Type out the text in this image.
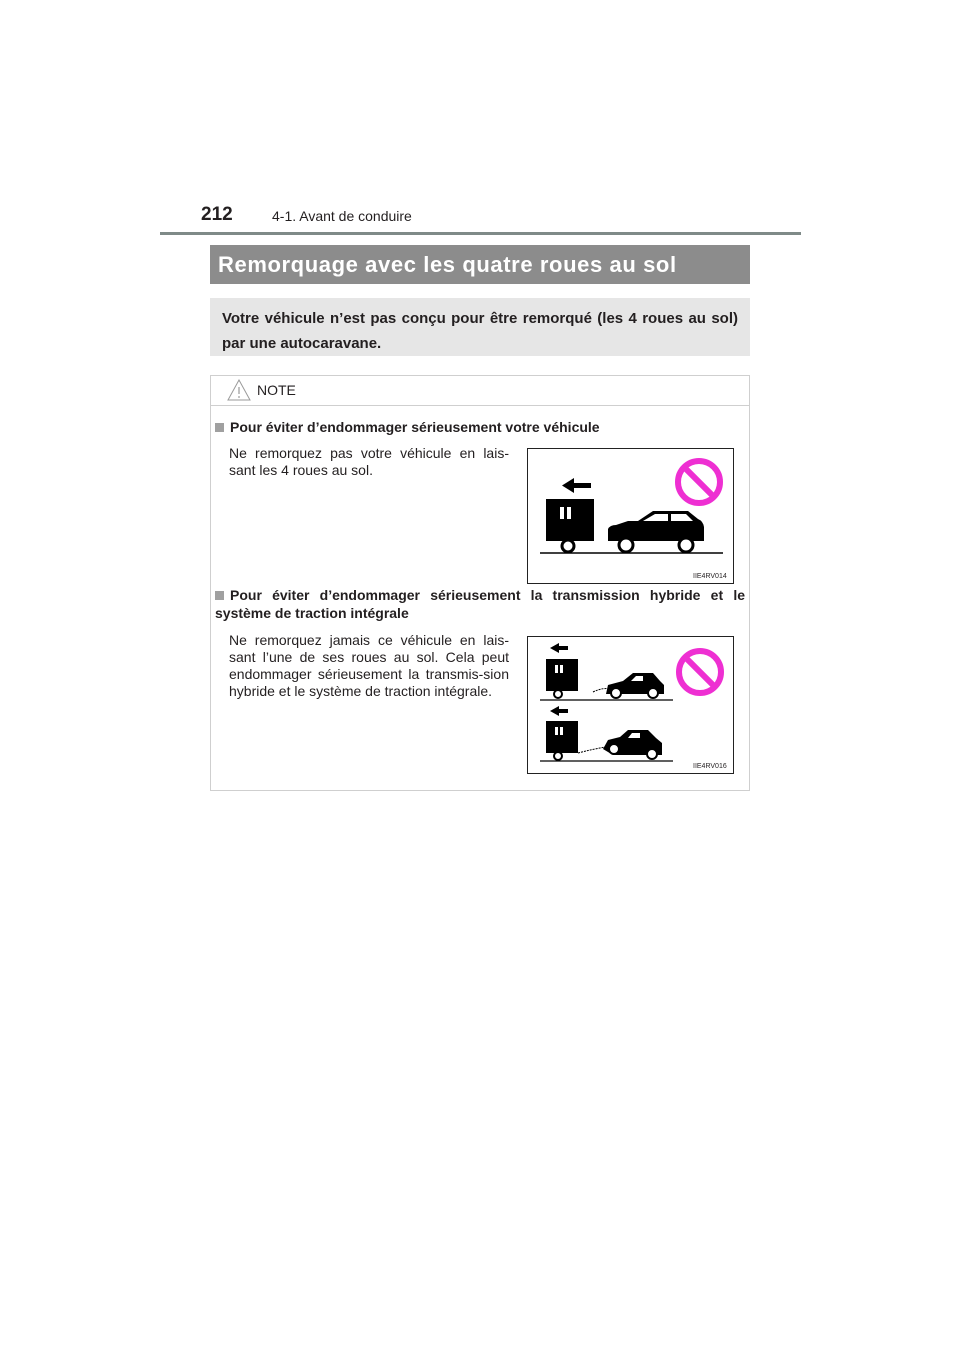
212	4-1. Avant de conduire
Remorquage avec les quatre roues au sol
Votre véhicule n’est pas conçu pour être remorqué (les 4 roues au sol) par une autocaravane.
NOTE
Pour éviter d’endommager sérieusement votre véhicule
Ne remorquez pas votre véhicule en lais-sant les 4 roues au sol.
IIE4RV014
Pour éviter d’endommager sérieusement la transmission hybride et le système de traction intégrale
Ne remorquez jamais ce véhicule en lais-sant l’une de ses roues au sol. Cela peut endommager sérieusement la transmis-sion hybride et le système de traction intégrale.
IIE4RV016
